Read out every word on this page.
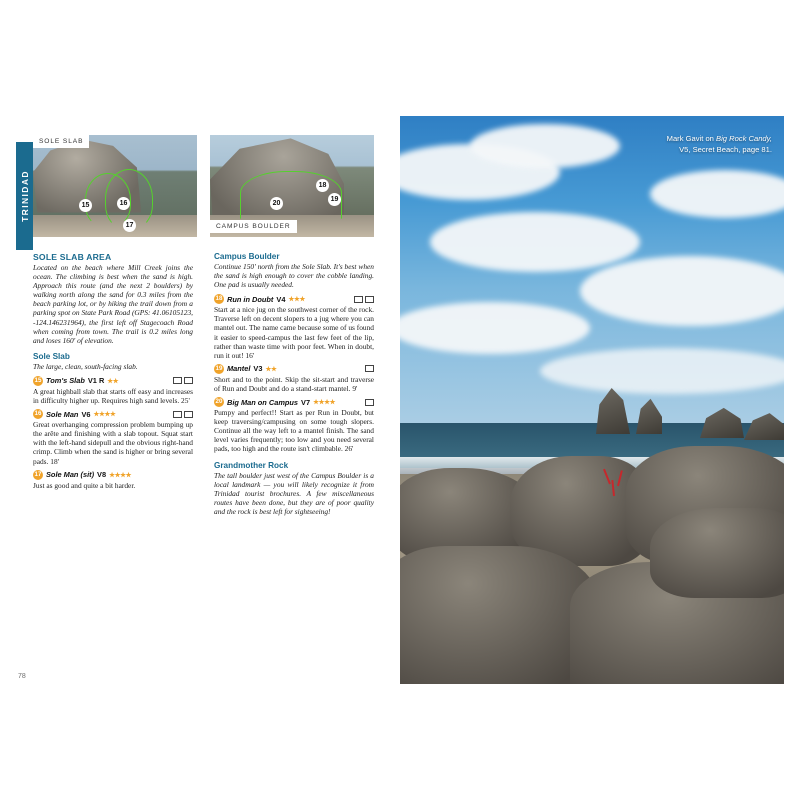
TRINIDAD	15	16
17
SOLE SLAB
20
18
19
CAMPUS BOULDER
SOLE SLAB AREA
Located on the beach where Mill Creek joins the ocean. The climbing is best when the sand is high. Approach this route (and the next 2 boulders) by walking north along the sand for 0.3 miles from the beach parking lot, or by hiking the trail down from a parking spot on State Park Road (GPS: 41.06105123, -124.146231964), the first left off Stagecoach Road when coming from town. The trail is 0.2 miles long and loses 160' of elevation.
Sole Slab
The large, clean, south-facing slab.
15 Tom's Slab V1 R ★★
A great highball slab that starts off easy and increases in difficulty higher up. Requires high sand levels. 25'
16 Sole Man V6 ★★★★
Great overhanging compression problem bumping up the arête and finishing with a slab topout. Squat start with the left-hand sidepull and the obvious right-hand crimp. Climb when the sand is higher or bring several pads. 18'
17 Sole Man (sit) V8 ★★★★
Just as good and quite a bit harder.
Campus Boulder
Continue 150' north from the Sole Slab. It's best when the sand is high enough to cover the cobble landing. One pad is usually needed.
18 Run in Doubt V4 ★★★
Start at a nice jug on the southwest corner of the rock. Traverse left on decent slopers to a jug where you can mantel out. The name came because some of us found it easier to speed-campus the last few feet of the lip, rather than waste time with poor feet. When in doubt, run it out! 16'
19 Mantel V3 ★★
Short and to the point. Skip the sit-start and traverse of Run and Doubt and do a stand-start mantel. 9'
20 Big Man on Campus V7 ★★★★
Pumpy and perfect!! Start as per Run in Doubt, but keep traversing/campusing on some tough slopers. Continue all the way left to a mantel finish. The sand level varies frequently; too low and you need several pads, too high and the route isn't climbable. 26'
Grandmother Rock
The tall boulder just west of the Campus Boulder is a local landmark — you will likely recognize it from Trinidad tourist brochures. A few miscellaneous routes have been done, but they are of poor quality and the rock is best left for sightseeing!
78
Mark Gavit on Big Rock Candy,
V5, Secret Beach, page 81.
